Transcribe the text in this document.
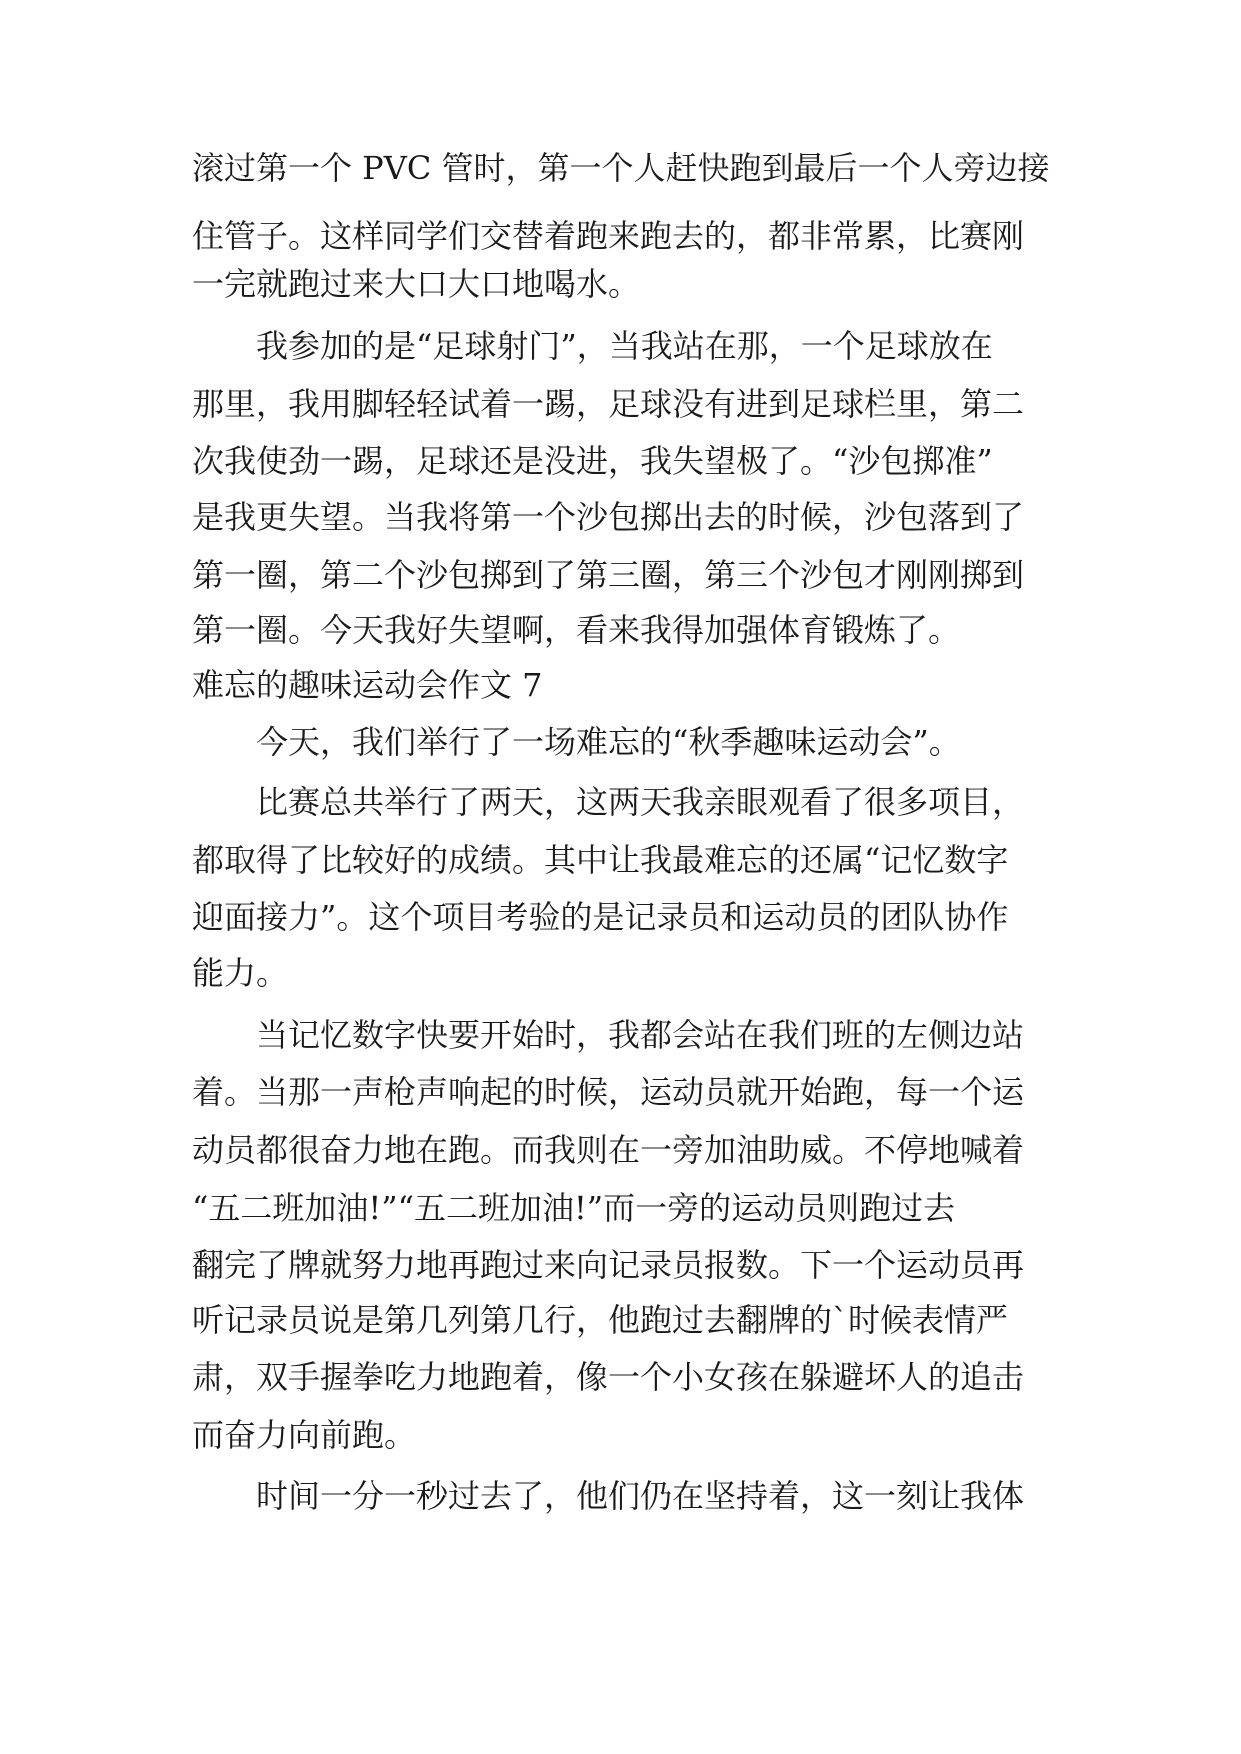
滚过第一个 PVC 管时，第一个人赶快跑到最后一个人旁边接

住管子。这样同学们交替着跑来跑去的，都非常累，比赛刚

一完就跑过来大口大口地喝水。

我参加的是“足球射门”，当我站在那，一个足球放在

那里，我用脚轻轻试着一踢，足球没有进到足球栏里，第二

次我使劲一踢，足球还是没进，我失望极了。“沙包掷准”

是我更失望。当我将第一个沙包掷出去的时候，沙包落到了

第一圈，第二个沙包掷到了第三圈，第三个沙包才刚刚掷到

第一圈。今天我好失望啊，看来我得加强体育锻炼了。

难忘的趣味运动会作文 7

今天，我们举行了一场难忘的“秋季趣味运动会”。

比赛总共举行了两天，这两天我亲眼观看了很多项目，

都取得了比较好的成绩。其中让我最难忘的还属“记忆数字

迎面接力”。这个项目考验的是记录员和运动员的团队协作

能力。

当记忆数字快要开始时，我都会站在我们班的左侧边站

着。当那一声枪声响起的时候，运动员就开始跑，每一个运

动员都很奋力地在跑。而我则在一旁加油助威。不停地喊着

“五二班加油!”“五二班加油!”而一旁的运动员则跑过去

翻完了牌就努力地再跑过来向记录员报数。下一个运动员再

听记录员说是第几列第几行，他跑过去翻牌的`时候表情严

肃，双手握拳吃力地跑着，像一个小女孩在躲避坏人的追击

而奋力向前跑。

时间一分一秒过去了，他们仍在坚持着，这一刻让我体
